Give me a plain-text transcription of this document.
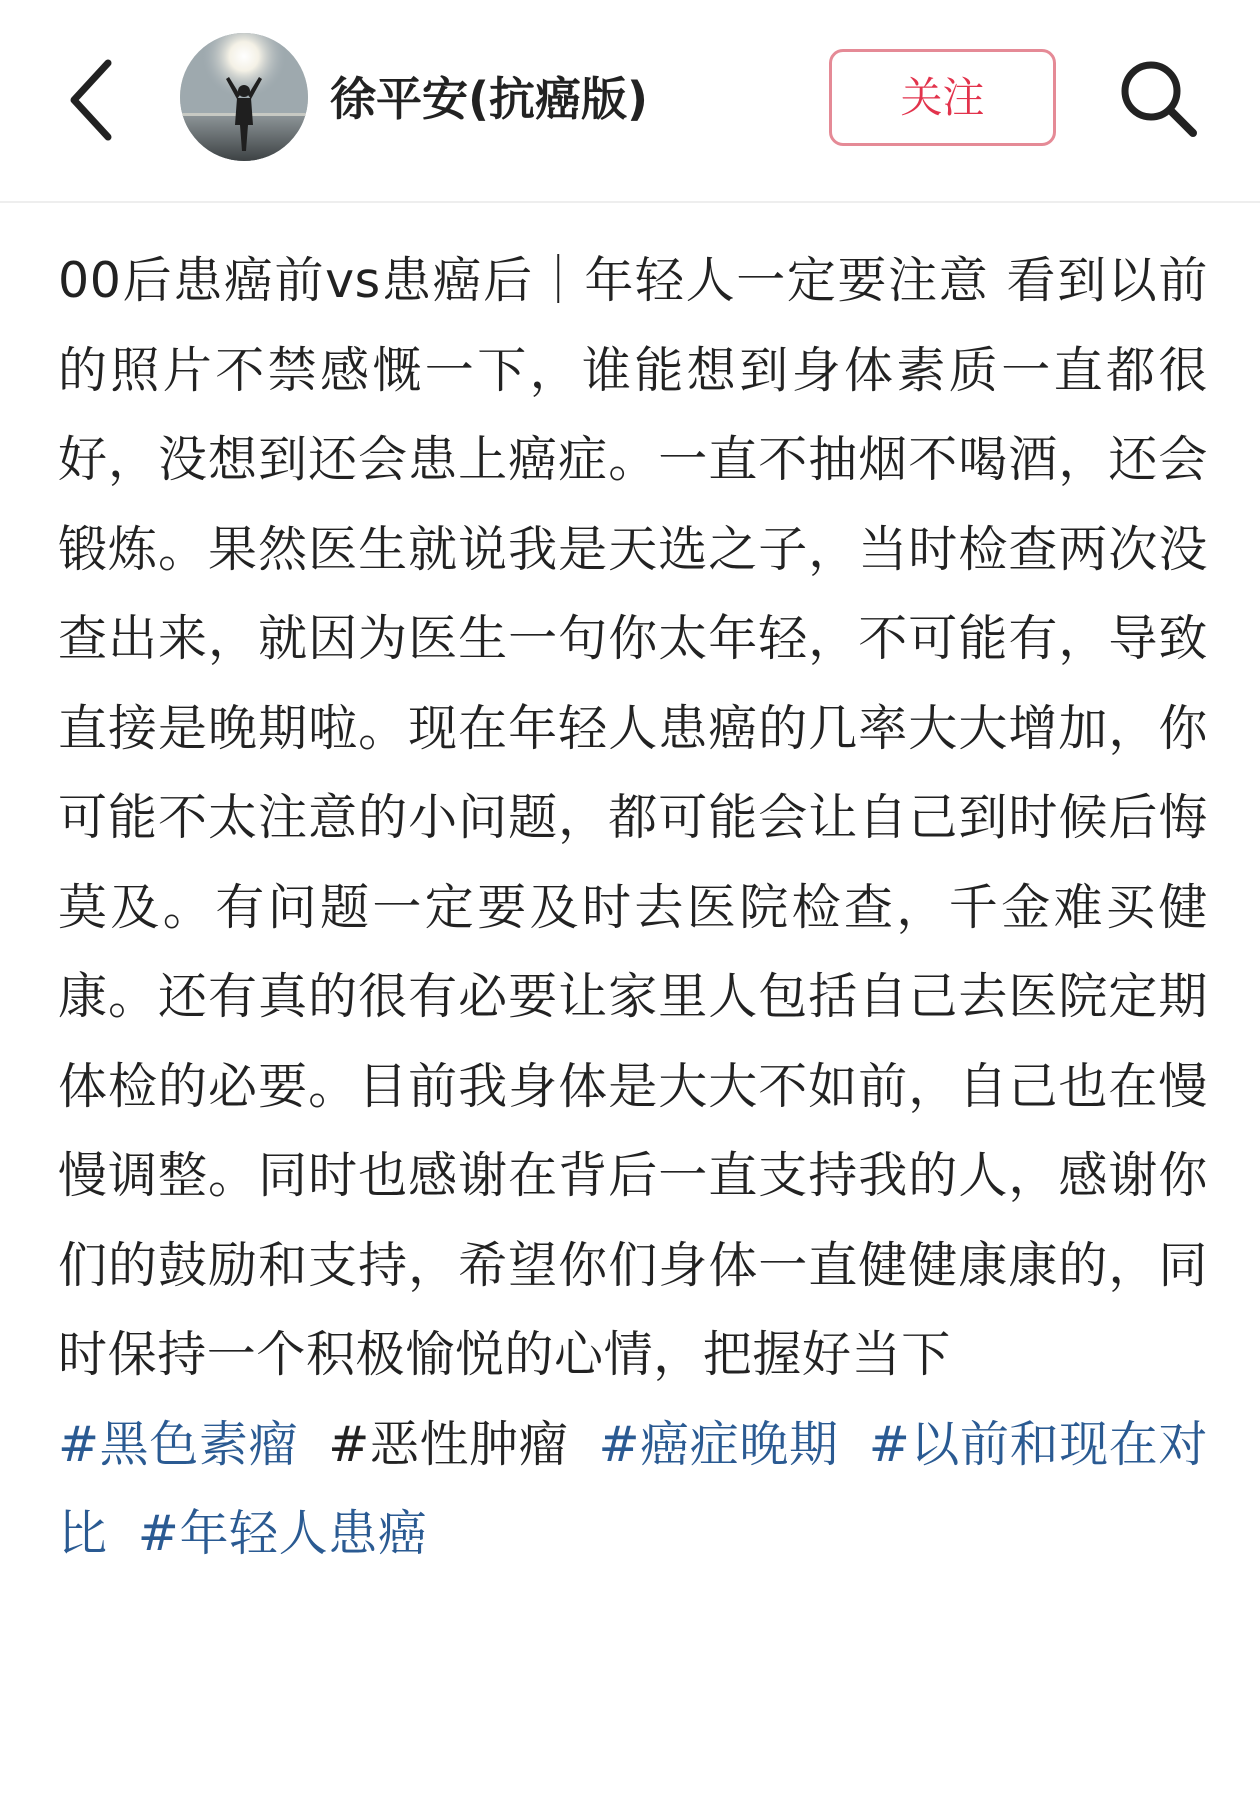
徐平安(抗癌版)	关注

00后患癌前vs患癌后｜年轻人一定要注意 看到以前的照片不禁感慨一下，谁能想到身体素质一直都很好，没想到还会患上癌症。一直不抽烟不喝酒，还会锻炼。果然医生就说我是天选之子，当时检查两次没查出来，就因为医生一句你太年轻，不可能有，导致直接是晚期啦。现在年轻人患癌的几率大大增加，你可能不太注意的小问题，都可能会让自己到时候后悔莫及。有问题一定要及时去医院检查，千金难买健康。还有真的很有必要让家里人包括自己去医院定期体检的必要。目前我身体是大大不如前，自己也在慢慢调整。同时也感谢在背后一直支持我的人，感谢你们的鼓励和支持，希望你们身体一直健健康康的，同时保持一个积极愉悦的心情，把握好当下

#黑色素瘤 #恶性肿瘤 #癌症晚期 #以前和现在对比 #年轻人患癌
